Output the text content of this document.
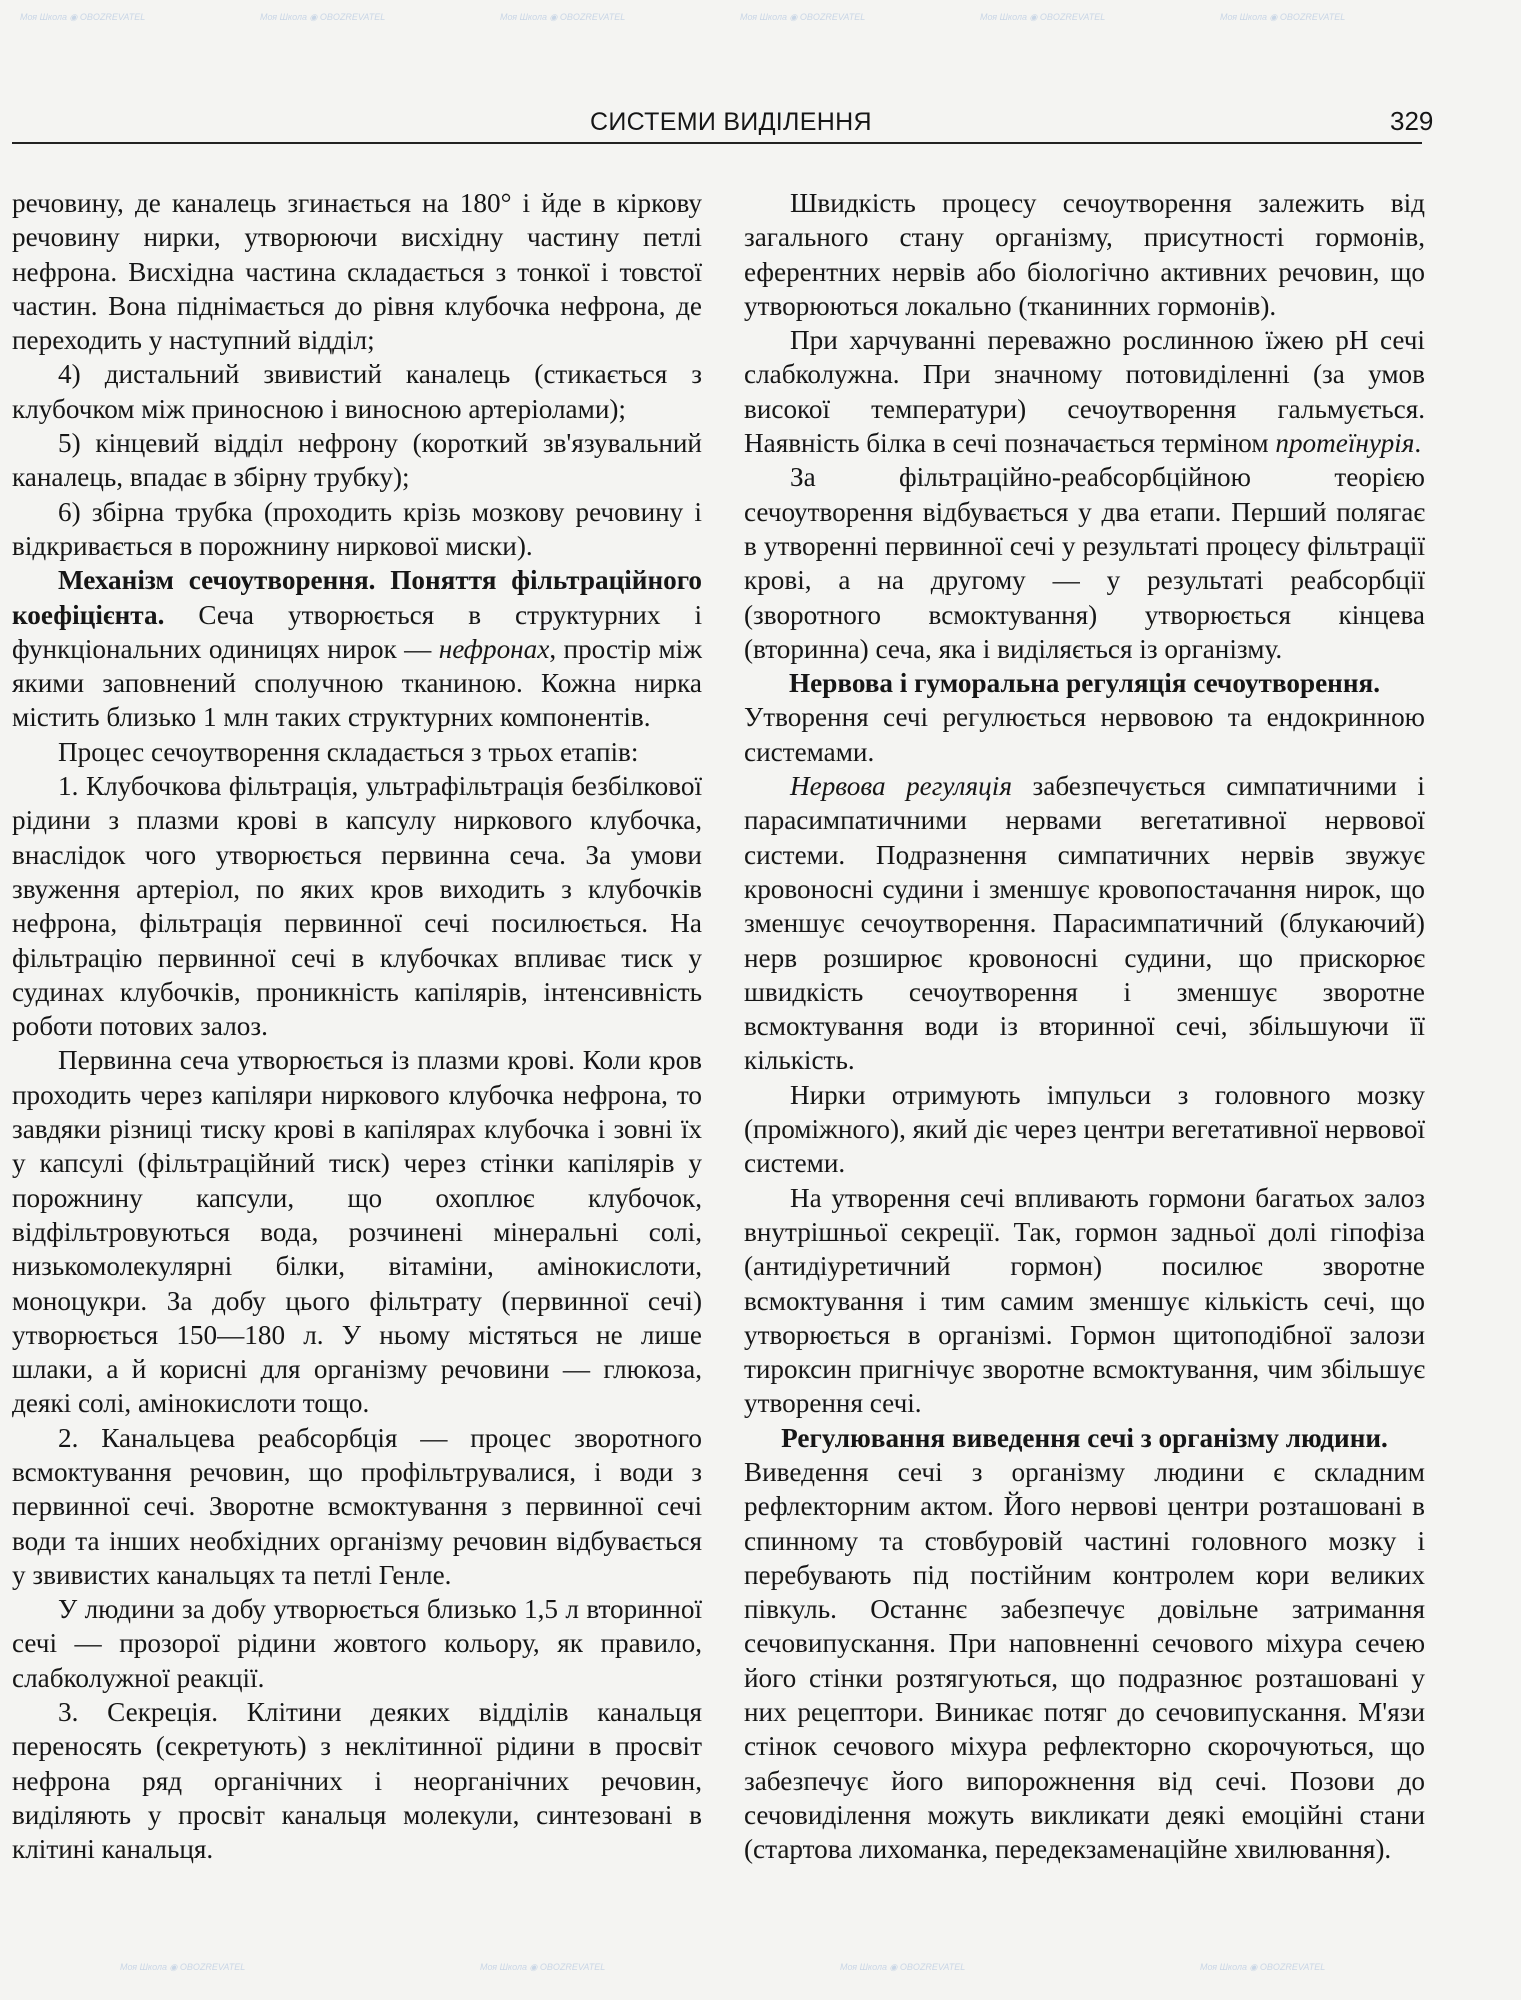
Моя Школа ◉ OBOZREVATEL	Моя Школа ◉ OBOZREVATEL	Моя Школа ◉ OBOZREVATEL	Моя Школа ◉ OBOZREVATEL	Моя Школа ◉ OBOZREVATEL	Моя Школа ◉ OBOZREVATEL
Моя Школа ◉ OBOZREVATEL	Моя Школа ◉ OBOZREVATEL	Моя Школа ◉ OBOZREVATEL	Моя Школа ◉ OBOZREVATEL
СИСТЕМИ ВИДІЛЕННЯ	329

речовину, де каналець згинається на 180° і йде в кіркову речовину нирки, утворюючи висхідну частину петлі нефрона. Висхідна частина складається з тонкої і товстої частин. Вона піднімається до рівня клубочка нефрона, де переходить у наступний відділ;

4) дистальний звивистий каналець (стикається з клубочком між приносною і виносною артеріолами);

5) кінцевий відділ нефрону (короткий зв'язувальний каналець, впадає в збірну трубку);

6) збірна трубка (проходить крізь мозкову речовину і відкривається в порожнину ниркової миски).

Механізм сечоутворення. Поняття фільтраційного коефіцієнта. Сеча утворюється в структурних і функціональних одиницях нирок — нефронах, простір між якими заповнений сполучною тканиною. Кожна нирка містить близько 1 млн таких структурних компонентів.

Процес сечоутворення складається з трьох етапів:

1. Клубочкова фільтрація, ультрафільтрація безбілкової рідини з плазми крові в капсулу ниркового клубочка, внаслідок чого утворюється первинна сеча. За умови звуження артеріол, по яких кров виходить з клубочків нефрона, фільтрація первинної сечі посилюється. На фільтрацію первинної сечі в клубочках впливає тиск у судинах клубочків, проникність капілярів, інтенсивність роботи потових залоз.

Первинна сеча утворюється із плазми крові. Коли кров проходить через капіляри ниркового клубочка нефрона, то завдяки різниці тиску крові в капілярах клубочка і зовні їх у капсулі (фільтраційний тиск) через стінки капілярів у порожнину капсули, що охоплює клубочок, відфільтровуються вода, розчинені мінеральні солі, низькомолекулярні білки, вітаміни, амінокислоти, моноцукри. За добу цього фільтрату (первинної сечі) утворюється 150—180 л. У ньому містяться не лише шлаки, а й корисні для організму речовини — глюкоза, деякі солі, амінокислоти тощо.

2. Канальцева реабсорбція — процес зворотного всмоктування речовин, що профільтрувалися, і води з первинної сечі. Зворотне всмоктування з первинної сечі води та інших необхідних організму речовин відбувається у звивистих канальцях та петлі Генле.

У людини за добу утворюється близько 1,5 л вторинної сечі — прозорої рідини жовтого кольору, як правило, слабколужної реакції.

3. Секреція. Клітини деяких відділів канальця переносять (секретують) з неклітинної рідини в просвіт нефрона ряд органічних і неорганічних речовин, виділяють у просвіт канальця молекули, синтезовані в клітині канальця.

Швидкість процесу сечоутворення залежить від загального стану організму, присутності гормонів, еферентних нервів або біологічно активних речовин, що утворюються локально (тканинних гормонів).

При харчуванні переважно рослинною їжею pH сечі слабколужна. При значному потовиділенні (за умов високої температури) сечоутворення гальмується. Наявність білка в сечі позначається терміном протеїнурія.

За фільтраційно-реабсорбційною теорією сечоутворення відбувається у два етапи. Перший полягає в утворенні первинної сечі у результаті процесу фільтрації крові, а на другому — у результаті реабсорбції (зворотного всмоктування) утворюється кінцева (вторинна) сеча, яка і виділяється із організму.

Нервова і гуморальна регуляція сечоутворення.

Утворення сечі регулюється нервовою та ендокринною системами.

Нервова регуляція забезпечується симпатичними і парасимпатичними нервами вегетативної нервової системи. Подразнення симпатичних нервів звужує кровоносні судини і зменшує кровопостачання нирок, що зменшує сечоутворення. Парасимпатичний (блукаючий) нерв розширює кровоносні судини, що прискорює швидкість сечоутворення і зменшує зворотне всмоктування води із вторинної сечі, збільшуючи її кількість.

Нирки отримують імпульси з головного мозку (проміжного), який діє через центри вегетативної нервової системи.

На утворення сечі впливають гормони багатьох залоз внутрішньої секреції. Так, гормон задньої долі гіпофіза (антидіуретичний гормон) посилює зворотне всмоктування і тим самим зменшує кількість сечі, що утворюється в організмі. Гормон щитоподібної залози тироксин пригнічує зворотне всмоктування, чим збільшує утворення сечі.

Регулювання виведення сечі з організму людини.

Виведення сечі з організму людини є складним рефлекторним актом. Його нервові центри розташовані в спинному та стовбуровій частині головного мозку і перебувають під постійним контролем кори великих півкуль. Останнє забезпечує довільне затримання сечовипускання. При наповненні сечового міхура сечею його стінки розтягуються, що подразнює розташовані у них рецептори. Виникає потяг до сечовипускання. М'язи стінок сечового міхура рефлекторно скорочуються, що забезпечує його випорожнення від сечі. Позови до сечовиділення можуть викликати деякі емоційні стани (стартова лихоманка, передекзаменаційне хвилювання).
